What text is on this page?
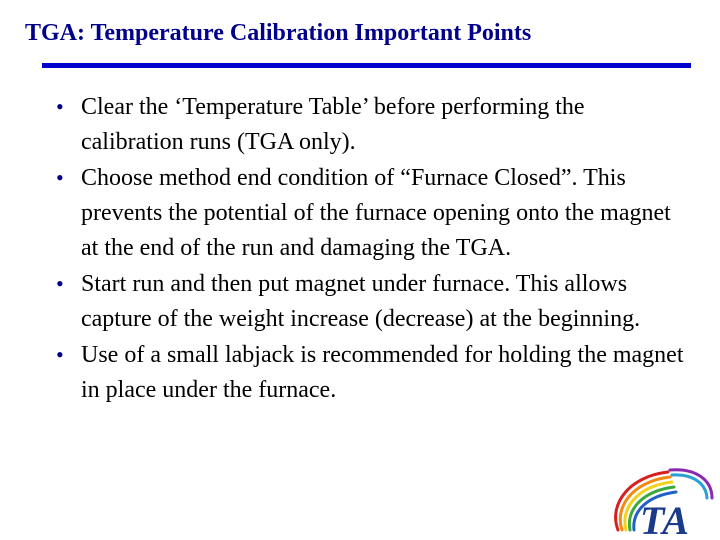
TGA: Temperature Calibration Important Points
• Clear the ‘Temperature Table’ before performing the calibration runs (TGA only).
• Choose method end condition of “Furnace Closed”. This prevents the potential of the furnace opening onto the magnet at the end of the run and damaging the TGA.
• Start run and then put magnet under furnace. This allows capture of the weight increase (decrease) at the beginning.
• Use of a small labjack is recommended for holding the magnet in place under the furnace.
TA
